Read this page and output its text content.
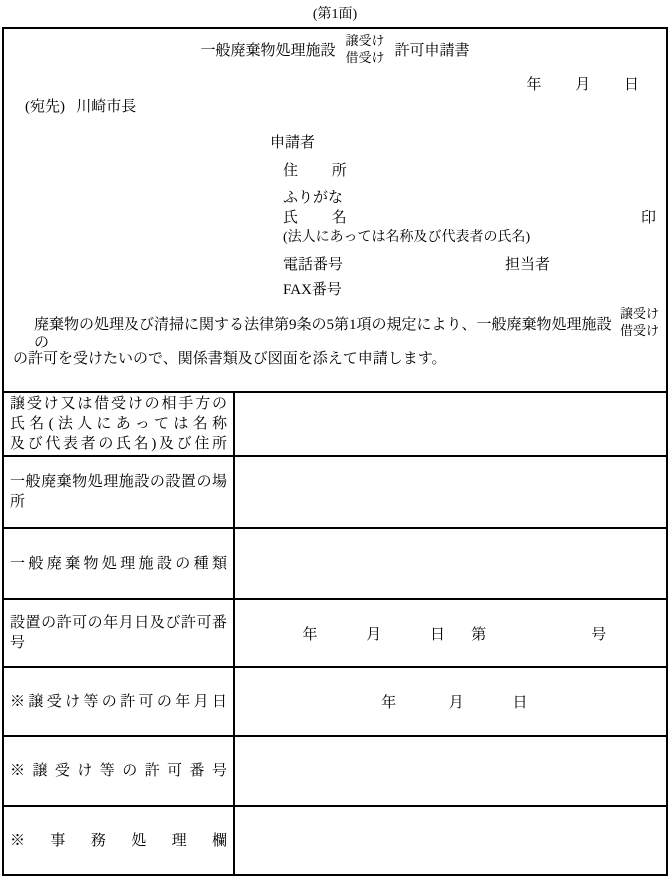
(第1面)
一般廃棄物処理施設
譲受け
借受け 許可申請書
年         月         日
(宛先)   川崎市長
申請者
住         所
ふりがな
氏         名	印
(法人にあっては名称及び代表者の氏名)
電話番号	担当者
FAX番号
廃棄物の処理及び清掃に関する法律第9条の5第1項の規定により、一般廃棄物処理施設の
譲受け
借受け
の許可を受けたいので、関係書類及び図面を添えて申請します。
譲受け又は借受けの相手方の
氏名(法人にあっては名称
及び代表者の氏名)及び住所
一般廃棄物処理施設の設置の場所
一般廃棄物処理施設の種類
設置の許可の年月日及び許可番号
年             月             日       第                            号
※譲受け等の許可の年月日 年              月             日
※譲受け等の許可番号
※事務処理欄
